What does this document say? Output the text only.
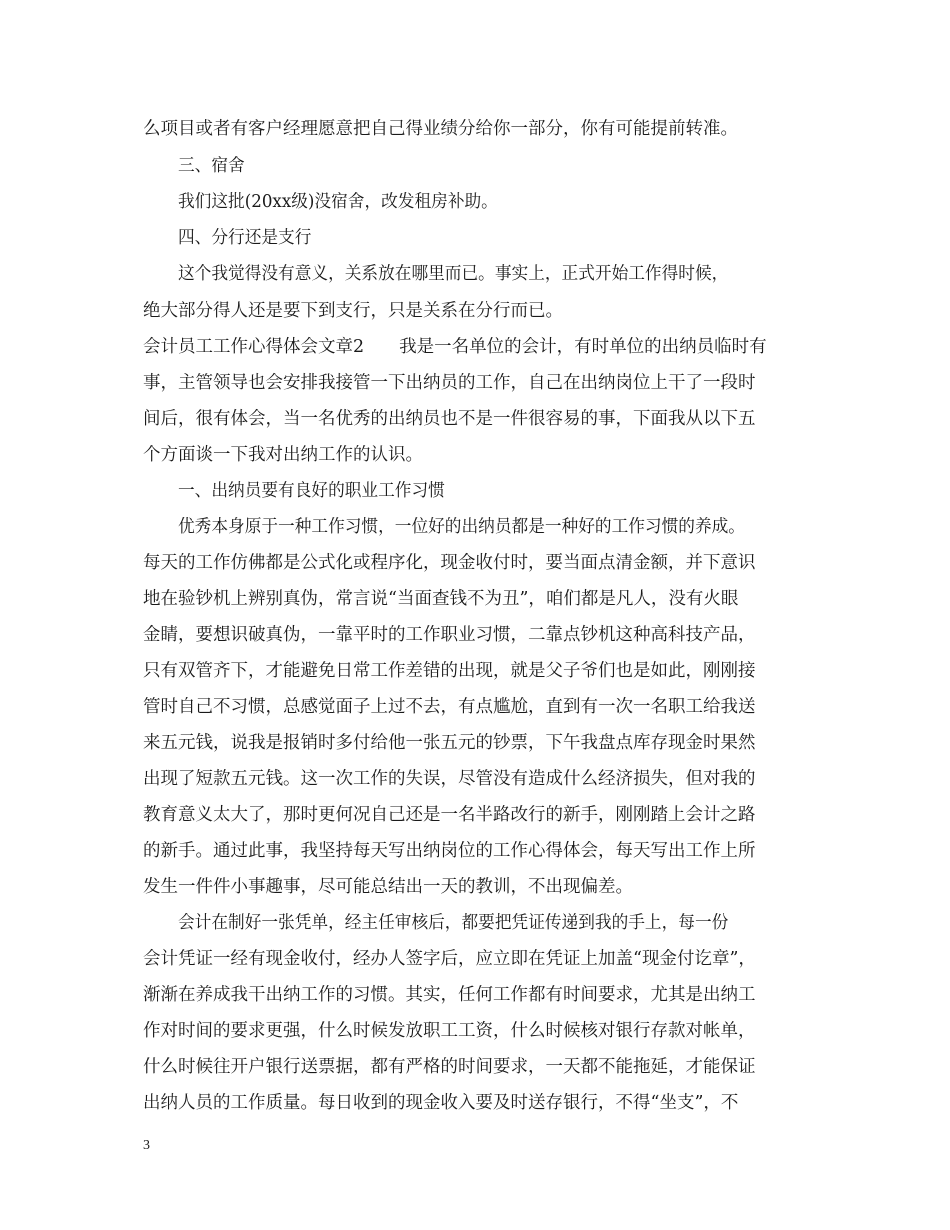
么项目或者有客户经理愿意把自己得业绩分给你一部分，你有可能提前转准。
三、宿舍
我们这批(20xx级)没宿舍，改发租房补助。
四、分行还是支行
这个我觉得没有意义，关系放在哪里而已。事实上，正式开始工作得时候，
绝大部分得人还是要下到支行，只是关系在分行而已。
会计员工工作心得体会文章2　　我是一名单位的会计，有时单位的出纳员临时有
事，主管领导也会安排我接管一下出纳员的工作，自己在出纳岗位上干了一段时
间后，很有体会，当一名优秀的出纳员也不是一件很容易的事，下面我从以下五
个方面谈一下我对出纳工作的认识。
一、出纳员要有良好的职业工作习惯
优秀本身原于一种工作习惯，一位好的出纳员都是一种好的工作习惯的养成。
每天的工作仿佛都是公式化或程序化，现金收付时，要当面点清金额，并下意识
地在验钞机上辨别真伪，常言说“当面查钱不为丑”，咱们都是凡人，没有火眼
金睛，要想识破真伪，一靠平时的工作职业习惯，二靠点钞机这种高科技产品，
只有双管齐下，才能避免日常工作差错的出现，就是父子爷们也是如此，刚刚接
管时自己不习惯，总感觉面子上过不去，有点尴尬，直到有一次一名职工给我送
来五元钱，说我是报销时多付给他一张五元的钞票，下午我盘点库存现金时果然
出现了短款五元钱。这一次工作的失误，尽管没有造成什么经济损失，但对我的
教育意义太大了，那时更何况自己还是一名半路改行的新手，刚刚踏上会计之路
的新手。通过此事，我坚持每天写出纳岗位的工作心得体会，每天写出工作上所
发生一件件小事趣事，尽可能总结出一天的教训，不出现偏差。
会计在制好一张凭单，经主任审核后，都要把凭证传递到我的手上，每一份
会计凭证一经有现金收付，经办人签字后，应立即在凭证上加盖“现金付讫章”，
渐渐在养成我干出纳工作的习惯。其实，任何工作都有时间要求，尤其是出纳工
作对时间的要求更强，什么时候发放职工工资，什么时候核对银行存款对帐单，
什么时候往开户银行送票据，都有严格的时间要求，一天都不能拖延，才能保证
出纳人员的工作质量。每日收到的现金收入要及时送存银行，不得“坐支”，不
3
